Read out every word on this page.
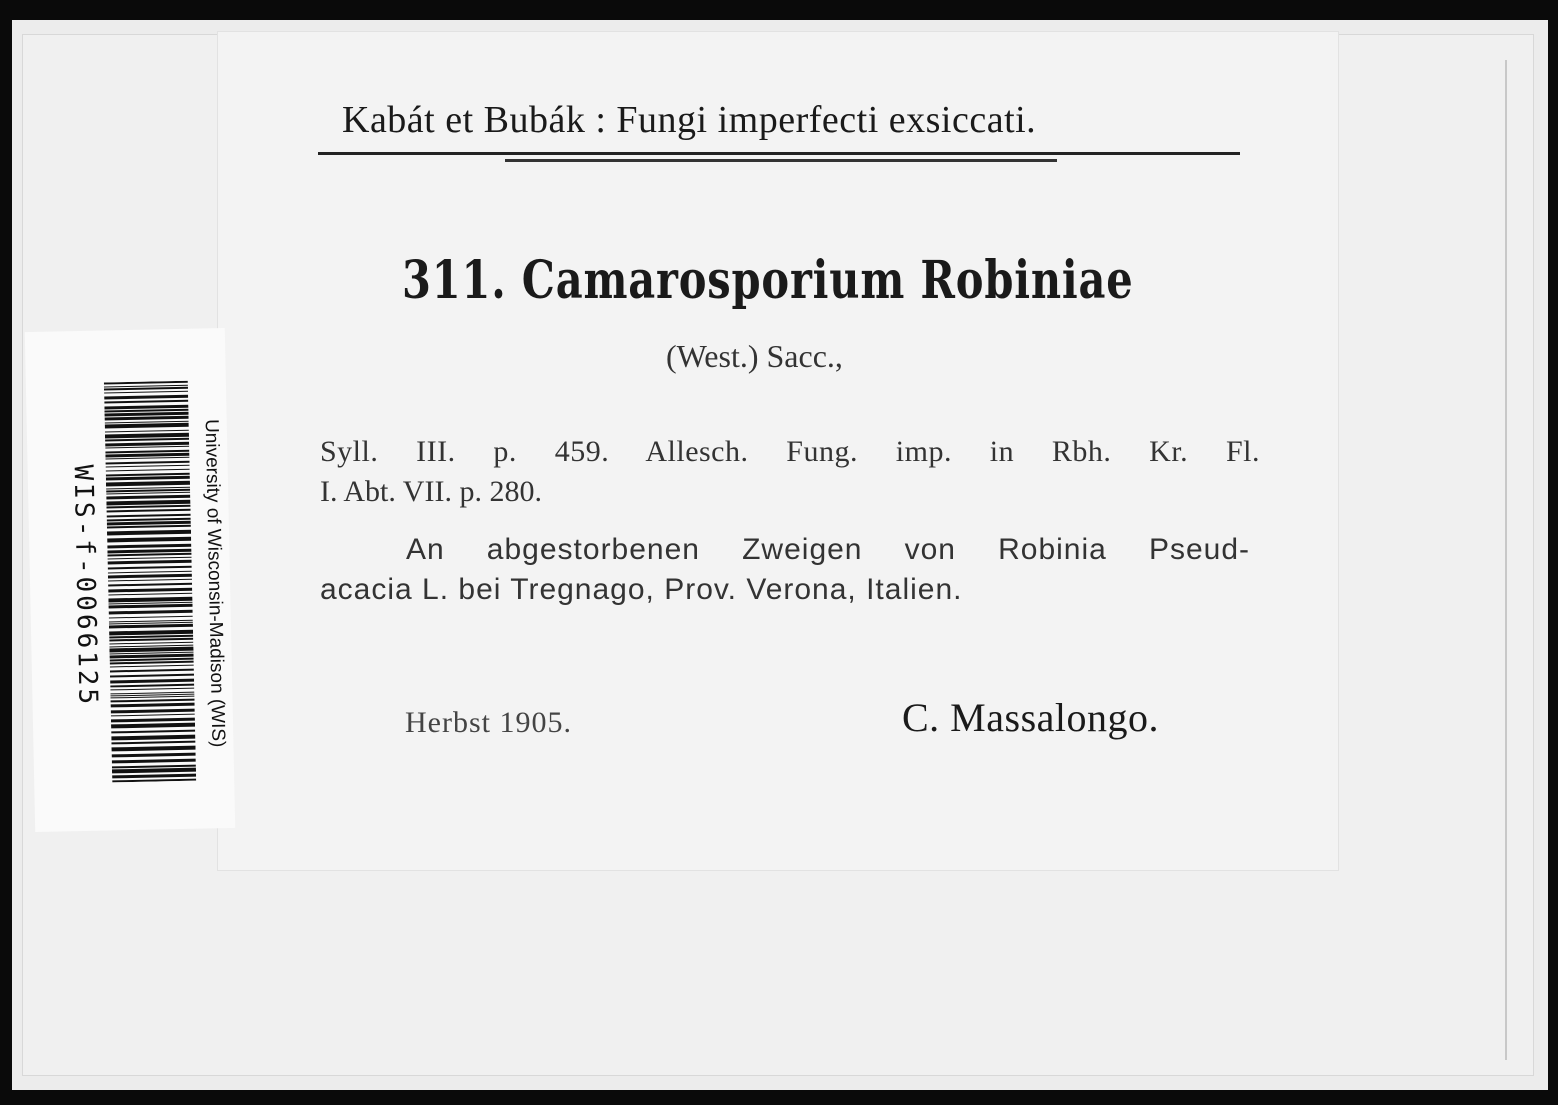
Kabát et Bubák : Fungi imperfecti exsiccati.
311. Camarosporium Robiniae
(West.) Sacc.,
Syll. III. p. 459. Allesch. Fung. imp. in Rbh. Kr. Fl.
I. Abt. VII. p. 280.
An abgestorbenen Zweigen von Robinia Pseud-
acacia L. bei Tregnago, Prov. Verona, Italien.
Herbst 1905.	C. Massalongo.
WIS-f-0066125	University of Wisconsin-Madison (WIS)
